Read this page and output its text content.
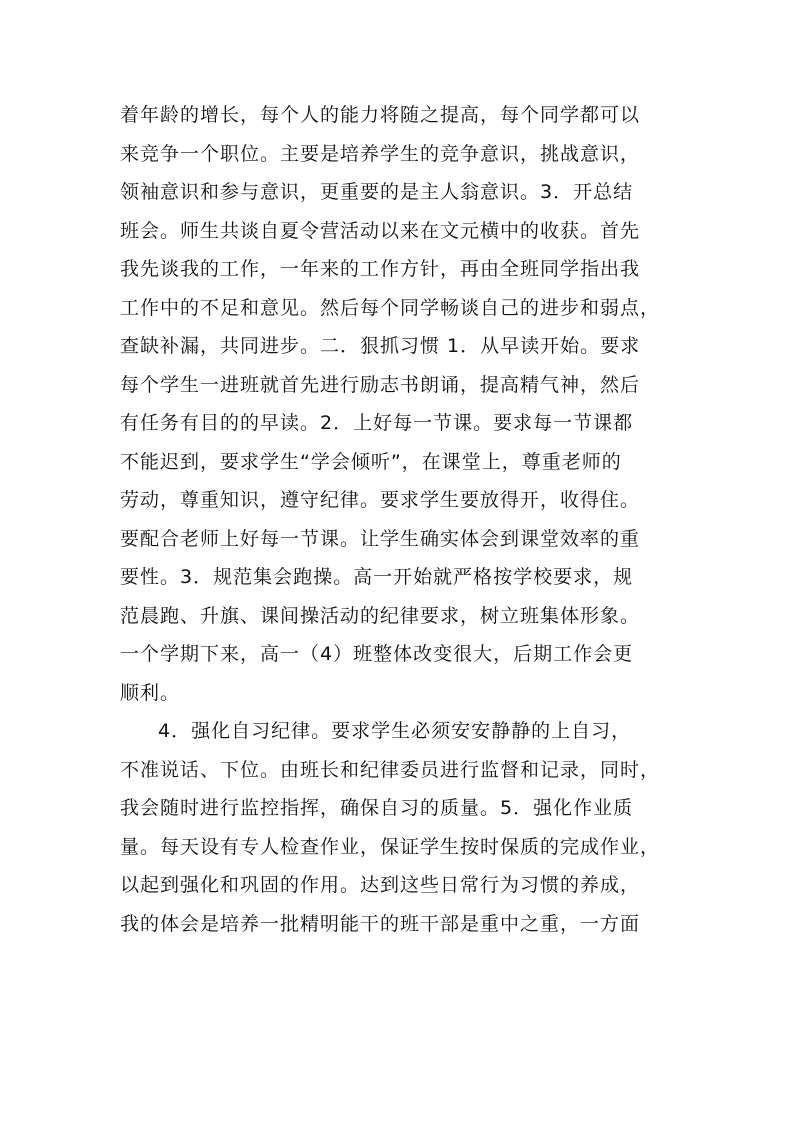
着年龄的增长，每个人的能力将随之提高，每个同学都可以
来竞争一个职位。主要是培养学生的竞争意识，挑战意识，
领袖意识和参与意识，更重要的是主人翁意识。3．开总结
班会。师生共谈自夏令营活动以来在文元横中的收获。首先
我先谈我的工作，一年来的工作方针，再由全班同学指出我
工作中的不足和意见。然后每个同学畅谈自己的进步和弱点，
查缺补漏，共同进步。二．狠抓习惯 1．从早读开始。要求
每个学生一进班就首先进行励志书朗诵，提高精气神，然后
有任务有目的的早读。2．上好每一节课。要求每一节课都
不能迟到，要求学生“学会倾听”，在课堂上，尊重老师的
劳动，尊重知识，遵守纪律。要求学生要放得开，收得住。
要配合老师上好每一节课。让学生确实体会到课堂效率的重
要性。3．规范集会跑操。高一开始就严格按学校要求，规
范晨跑、升旗、课间操活动的纪律要求，树立班集体形象。
一个学期下来，高一（4）班整体改变很大，后期工作会更
顺利。
4．强化自习纪律。要求学生必须安安静静的上自习，
不准说话、下位。由班长和纪律委员进行监督和记录，同时，
我会随时进行监控指挥，确保自习的质量。5．强化作业质
量。每天设有专人检查作业，保证学生按时保质的完成作业，
以起到强化和巩固的作用。达到这些日常行为习惯的养成，
我的体会是培养一批精明能干的班干部是重中之重，一方面
